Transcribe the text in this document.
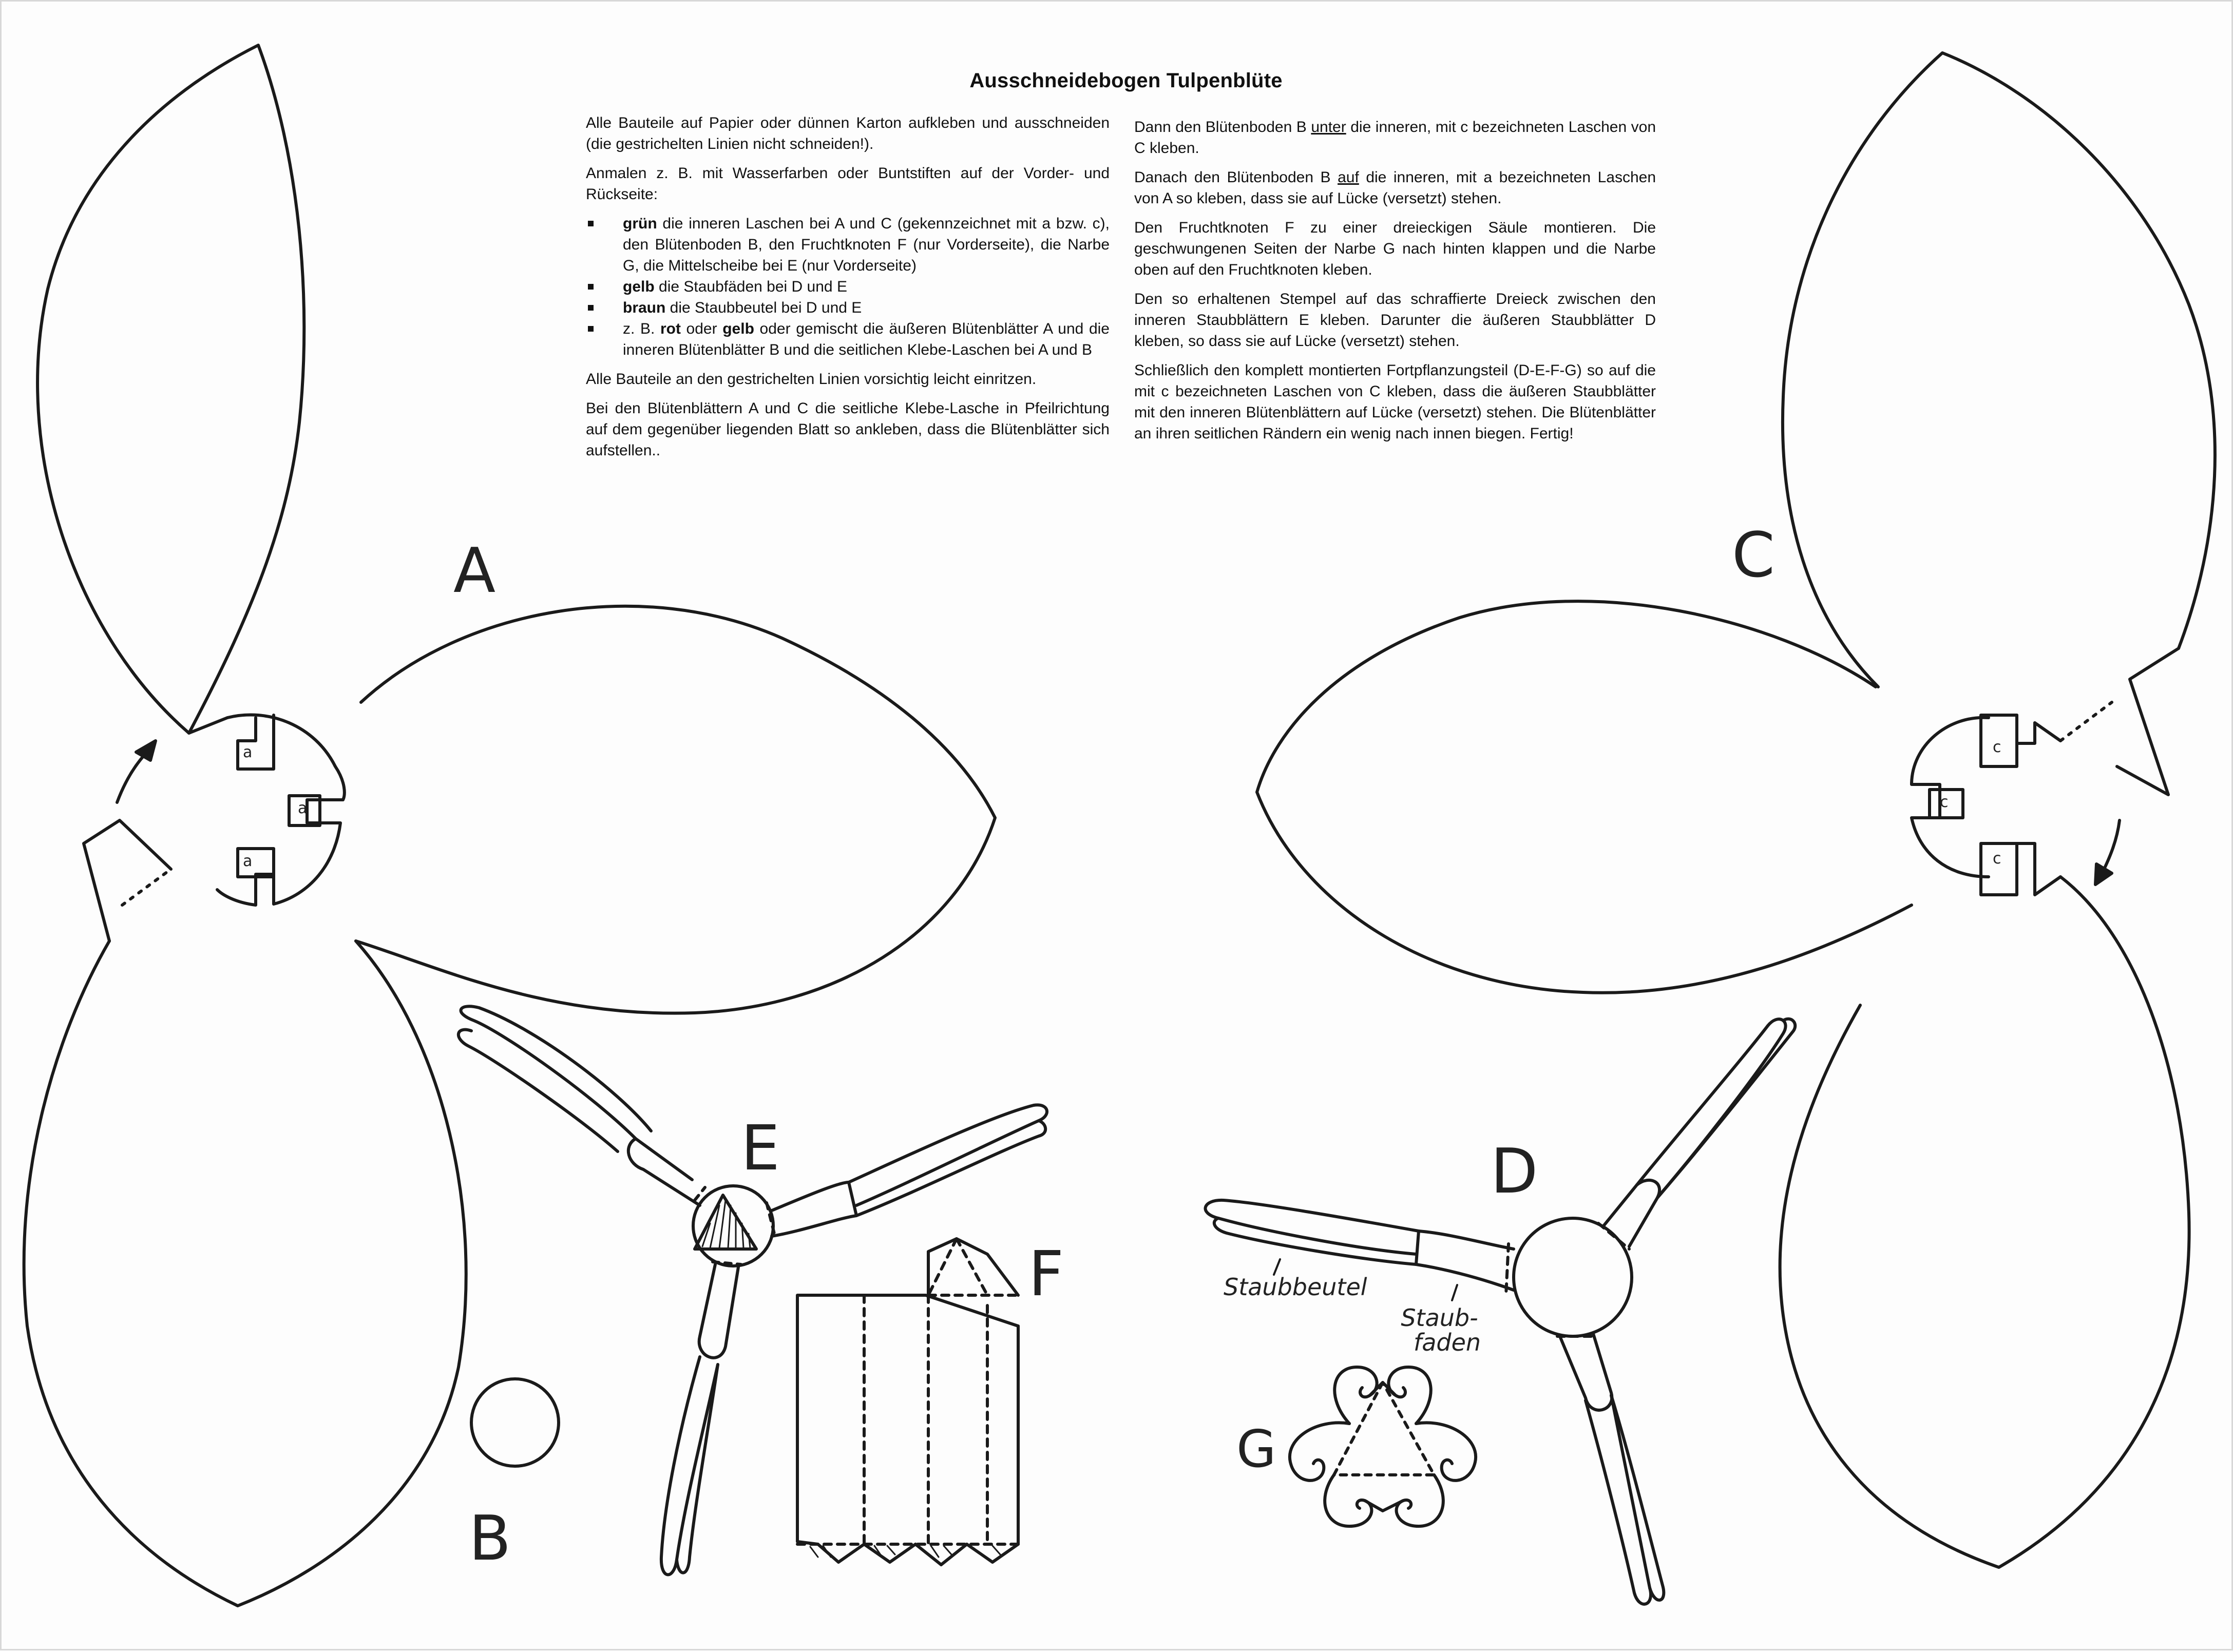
Ausschneidebogen Tulpenblüte

Alle Bauteile auf Papier oder dünnen Karton aufkleben und ausschneiden (die gestrichelten Linien nicht schneiden!).

Anmalen z. B. mit Wasserfarben oder Buntstiften auf der Vorder- und Rückseite:

grün die inneren Laschen bei A und C (gekennzeichnet mit a bzw. c), den Blütenboden B, den Fruchtknoten F (nur Vorderseite), die Narbe G, die Mittelscheibe bei E (nur Vorderseite)
gelb die Staubfäden bei D und E
braun die Staubbeutel bei D und E
z. B. rot oder gelb oder gemischt die äußeren Blütenblätter A und die inneren Blütenblätter B und die seitlichen Klebe-Laschen bei A und B

Alle Bauteile an den gestrichelten Linien vorsichtig leicht einritzen.

Bei den Blütenblättern A und C die seitliche Klebe-Lasche in Pfeilrichtung auf dem gegenüber liegenden Blatt so ankleben, dass die Blütenblätter sich aufstellen..

Dann den Blütenboden B unter die inneren, mit c bezeichneten Laschen von C kleben.

Danach den Blütenboden B auf die inneren, mit a bezeichneten Laschen von A so kleben, dass sie auf Lücke (versetzt) stehen.

Den Fruchtknoten F zu einer dreieckigen Säule montieren. Die geschwungenen Seiten der Narbe G nach hinten klappen und die Narbe oben auf den Fruchtknoten kleben.

Den so erhaltenen Stempel auf das schraffierte Dreieck zwischen den inneren Staubblättern E kleben. Darunter die äußeren Staubblätter D kleben, so dass sie auf Lücke (versetzt) stehen.

Schließlich den komplett montierten Fortpflanzungsteil (D-E-F-G) so auf die mit c bezeichneten Laschen von C kleben, dass die äußeren Staubblätter mit den inneren Blütenblättern auf Lücke (versetzt) stehen. Die Blütenblätter an ihren seitlichen Rändern ein wenig nach innen biegen. Fertig!

A	C
E	D
F
B
G
a
a
a
c
c
c
Staubbeutel
Staub-
faden
